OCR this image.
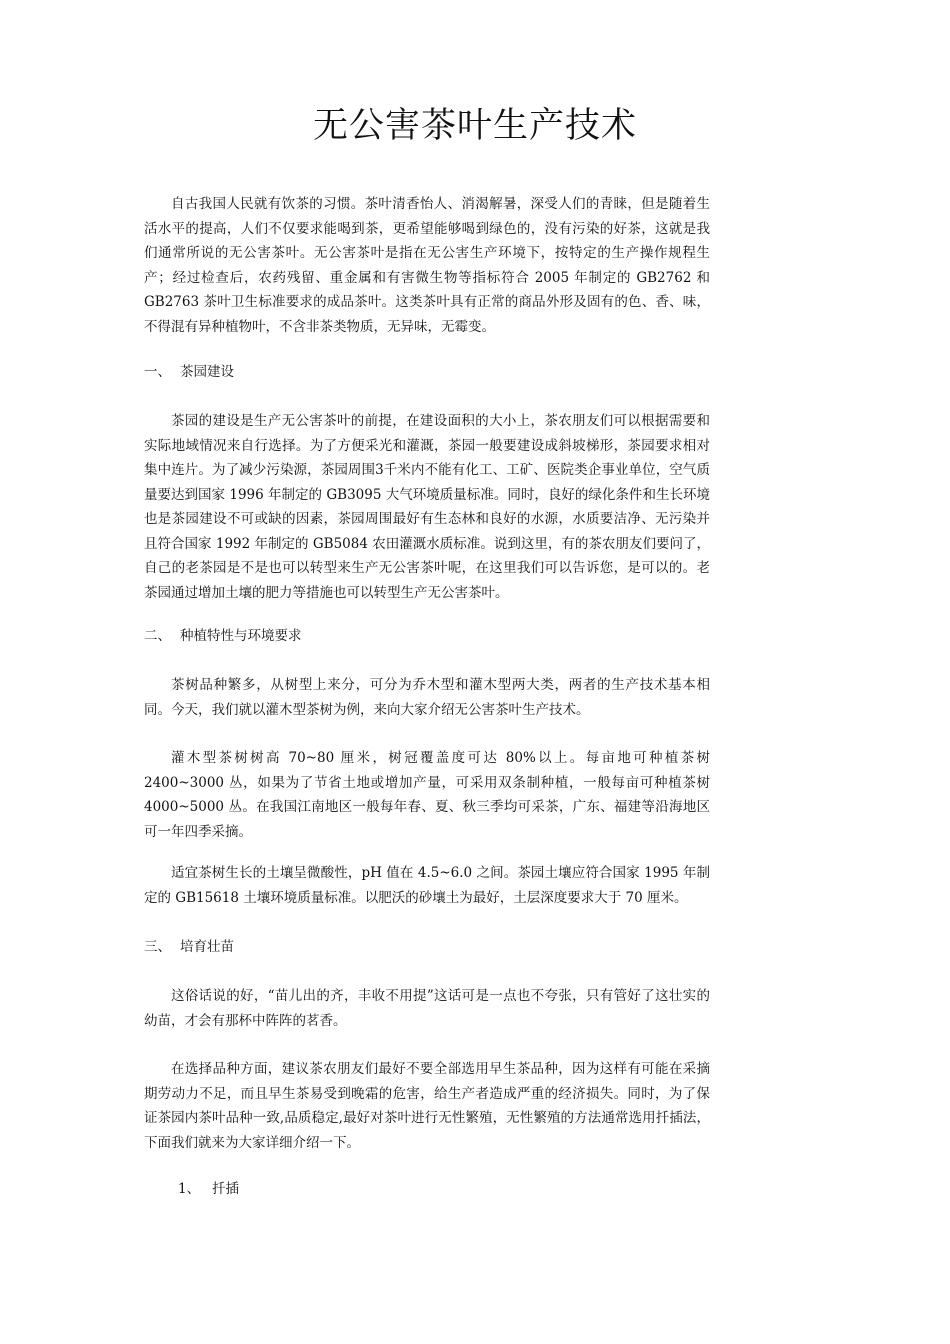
无公害茶叶生产技术

自古我国人民就有饮茶的习惯。茶叶清香怡人、消渴解暑，深受人们的青睐，但是随着生活水平的提高，人们不仅要求能喝到茶，更希望能够喝到绿色的，没有污染的好茶，这就是我们通常所说的无公害茶叶。无公害茶叶是指在无公害生产环境下，按特定的生产操作规程生产；经过检查后，农药残留、重金属和有害微生物等指标符合 2005 年制定的 GB2762 和 GB2763 茶叶卫生标准要求的成品茶叶。这类茶叶具有正常的商品外形及固有的色、香、味，不得混有异种植物叶，不含非茶类物质，无异味，无霉变。

一、 茶园建设

茶园的建设是生产无公害茶叶的前提，在建设面积的大小上，茶农朋友们可以根据需要和实际地域情况来自行选择。为了方便采光和灌溉，茶园一般要建设成斜坡梯形，茶园要求相对集中连片。为了减少污染源，茶园周围3千米内不能有化工、工矿、医院类企事业单位，空气质量要达到国家 1996 年制定的 GB3095 大气环境质量标准。同时，良好的绿化条件和生长环境也是茶园建设不可或缺的因素，茶园周围最好有生态林和良好的水源，水质要洁净、无污染并且符合国家 1992 年制定的 GB5084 农田灌溉水质标准。说到这里，有的茶农朋友们要问了，自己的老茶园是不是也可以转型来生产无公害茶叶呢，在这里我们可以告诉您，是可以的。老茶园通过增加土壤的肥力等措施也可以转型生产无公害茶叶。

二、 种植特性与环境要求

茶树品种繁多，从树型上来分，可分为乔木型和灌木型两大类，两者的生产技术基本相同。今天，我们就以灌木型茶树为例，来向大家介绍无公害茶叶生产技术。

灌木型茶树树高 70~80 厘米，树冠覆盖度可达 80%以上。每亩地可种植茶树 2400~3000 丛，如果为了节省土地或增加产量，可采用双条制种植，一般每亩可种植茶树 4000~5000 丛。在我国江南地区一般每年春、夏、秋三季均可采茶，广东、福建等沿海地区可一年四季采摘。

适宜茶树生长的土壤呈微酸性，pH 值在 4.5~6.0 之间。茶园土壤应符合国家 1995 年制定的 GB15618 土壤环境质量标准。以肥沃的砂壤土为最好，土层深度要求大于 70 厘米。

三、 培育壮苗

这俗话说的好，“苗儿出的齐，丰收不用提”这话可是一点也不夸张，只有管好了这壮实的幼苗，才会有那杯中阵阵的茗香。

在选择品种方面，建议茶农朋友们最好不要全部选用早生茶品种，因为这样有可能在采摘期劳动力不足，而且早生茶易受到晚霜的危害，给生产者造成严重的经济损失。同时，为了保证茶园内茶叶品种一致,品质稳定,最好对茶叶进行无性繁殖，无性繁殖的方法通常选用扦插法，下面我们就来为大家详细介绍一下。

1、 扦插
